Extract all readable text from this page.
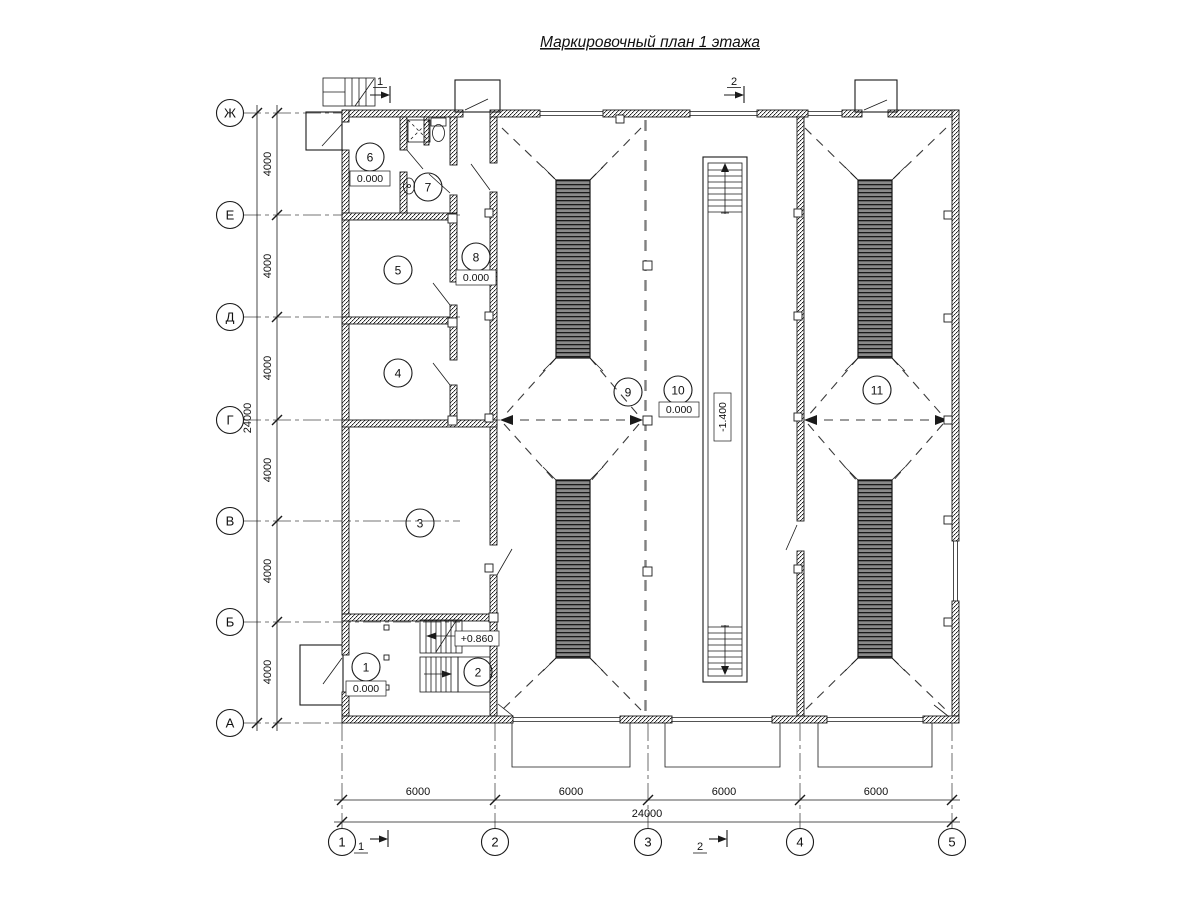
Маркировочный план 1 этажа
4000
4000
4000
4000
4000
4000
24000
6000	6000	6000	6000
24000
Ж
Е
Д
Г
В
Б
А
1	2	3	4	5
-1.400
1	2
3
4
5
6
7
8
9	10	11
0.000
+0.860
0.000
0.000
0.000
1	2
1	2
